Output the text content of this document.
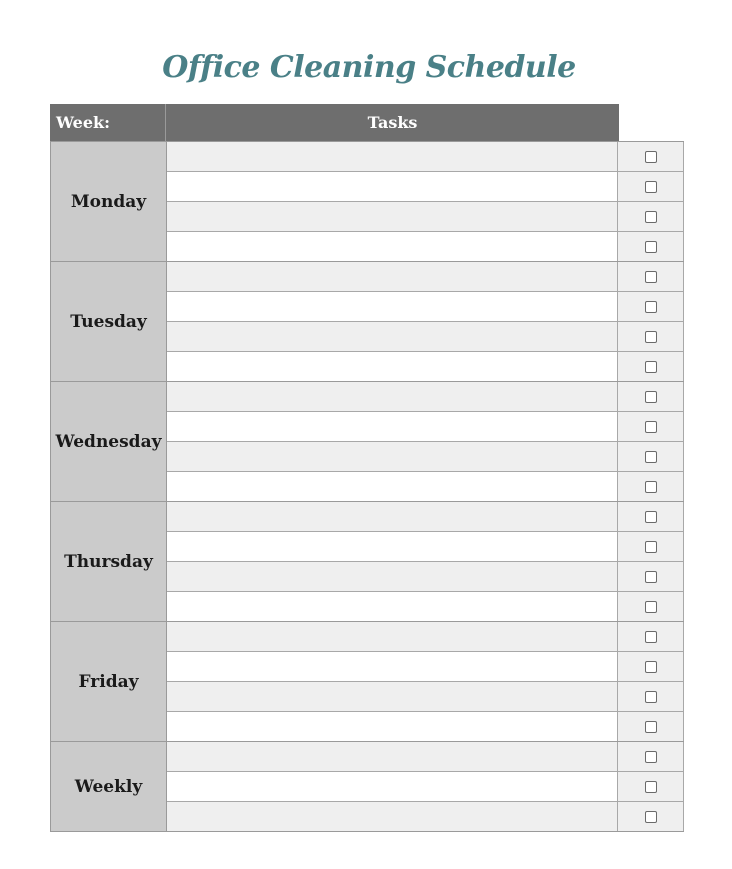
Office Cleaning Schedule
Week:	Tasks
Monday
Tuesday
Wednesday
Thursday
Friday
Weekly
